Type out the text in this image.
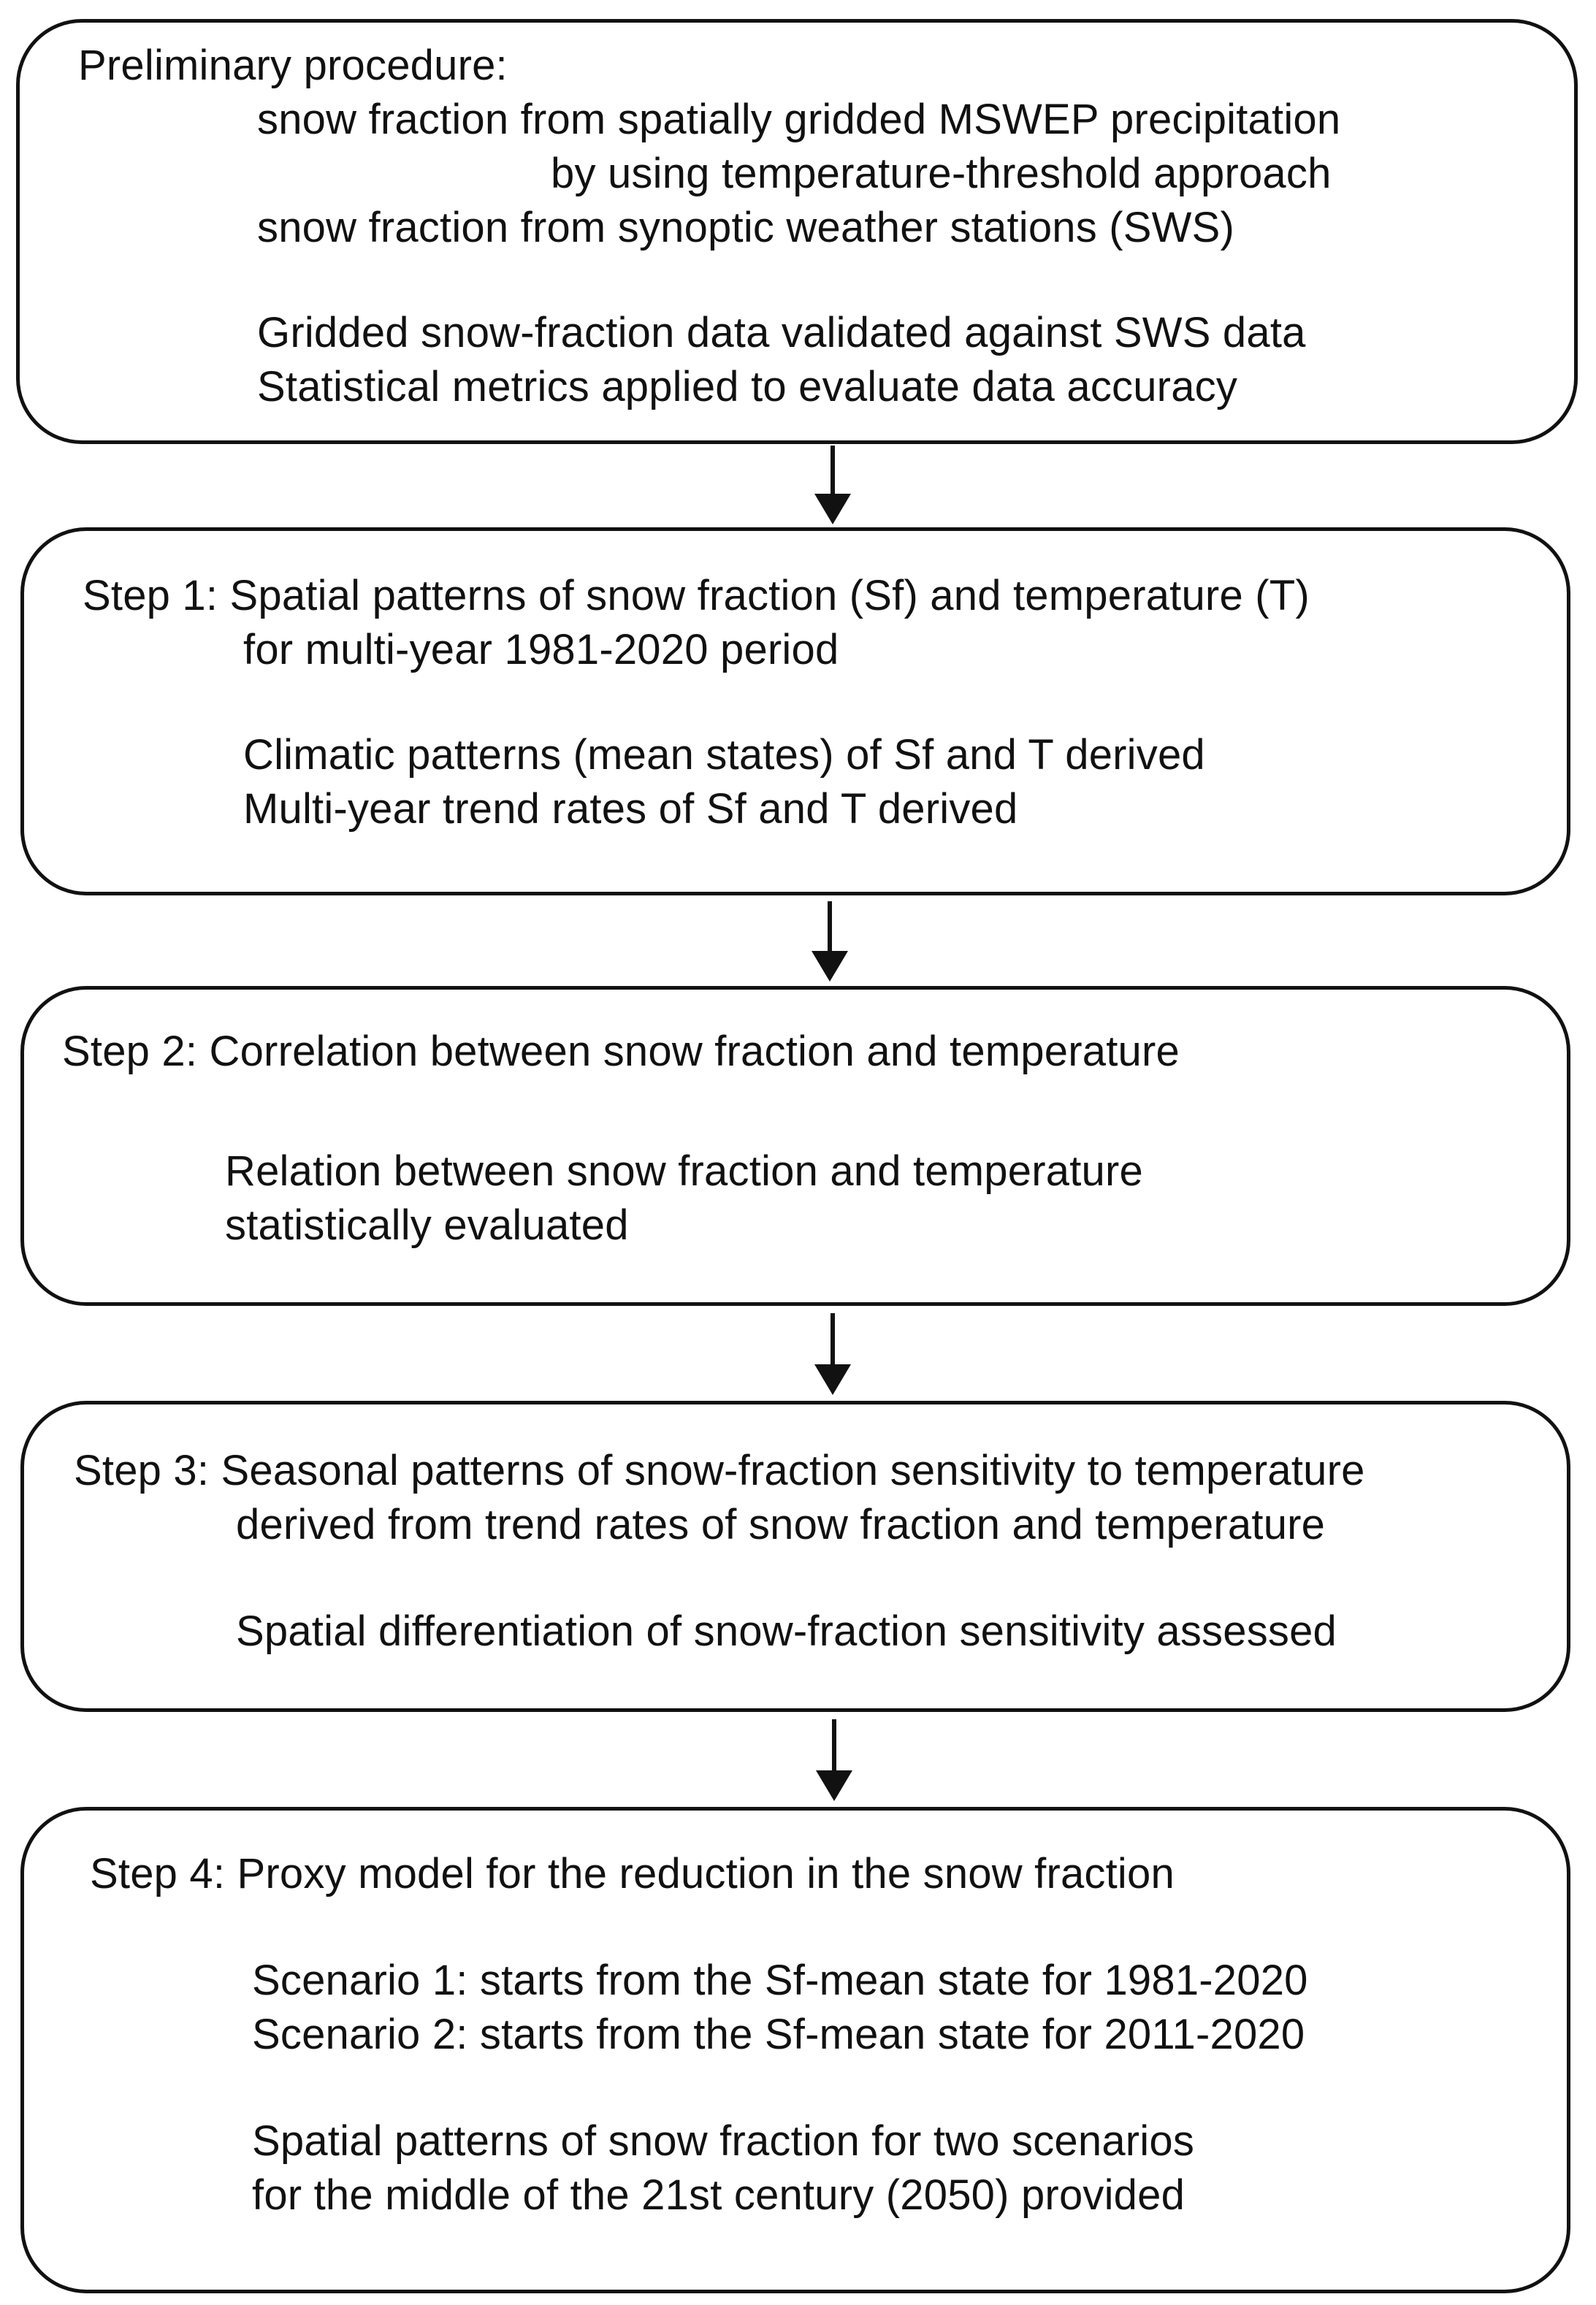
Preliminary procedure:
snow fraction from spatially gridded MSWEP precipitation
by using temperature-threshold approach
snow fraction from synoptic weather stations (SWS)
Gridded snow-fraction data validated against SWS data
Statistical metrics applied to evaluate data accuracy
Step 1: Spatial patterns of snow fraction (Sf) and temperature (T)
for multi-year 1981-2020 period
Climatic patterns (mean states) of Sf and T derived
Multi-year trend rates of Sf and T derived
Step 2: Correlation between snow fraction and temperature
Relation between snow fraction and temperature
statistically evaluated
Step 3: Seasonal patterns of snow-fraction sensitivity to temperature
derived from trend rates of snow fraction and temperature
Spatial differentiation of snow-fraction sensitivity assessed
Step 4: Proxy model for the reduction in the snow fraction
Scenario 1: starts from the Sf-mean state for 1981-2020
Scenario 2: starts from the Sf-mean state for 2011-2020
Spatial patterns of snow fraction for two scenarios
for the middle of the 21st century (2050) provided
